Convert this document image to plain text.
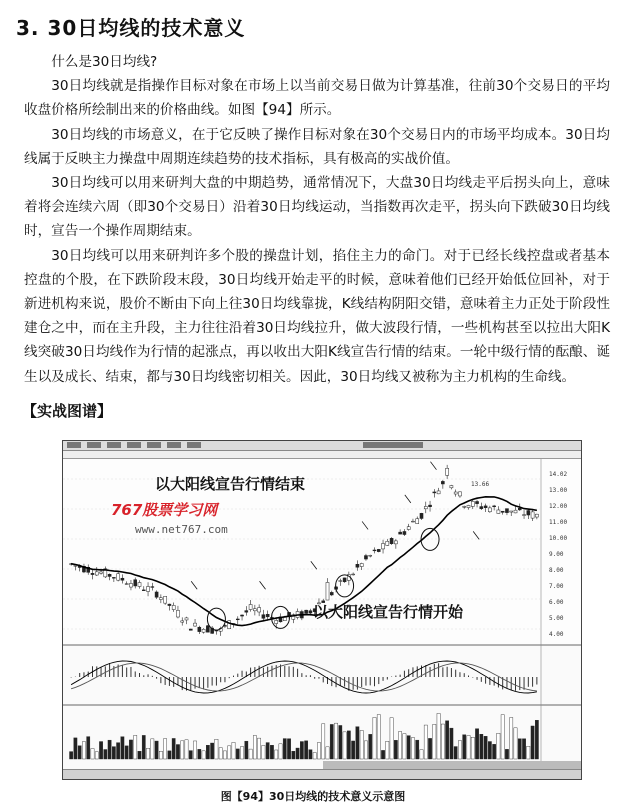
3. 30日均线的技术意义

什么是30日均线?

30日均线就是指操作目标对象在市场上以当前交易日做为计算基准，往前30个交易日的平均收盘价格所绘制出来的价格曲线。如图【94】所示。

30日均线的市场意义，在于它反映了操作目标对象在30个交易日内的市场平均成本。30日均线属于反映主力操盘中周期连续趋势的技术指标，具有极高的实战价值。

30日均线可以用来研判大盘的中期趋势，通常情况下，大盘30日均线走平后拐头向上，意味着将会连续六周（即30个交易日）沿着30日均线运动，当指数再次走平，拐头向下跌破30日均线时，宣告一个操作周期结束。

30日均线可以用来研判许多个股的操盘计划，掐住主力的命门。对于已经长线控盘或者基本控盘的个股，在下跌阶段末段，30日均线开始走平的时候，意味着他们已经开始低位回补，对于新进机构来说，股价不断由下向上往30日均线靠拢，K线结构阴阳交错，意味着主力正处于阶段性建仓之中，而在主升段，主力往往沿着30日均线拉升，做大波段行情，一些机构甚至以拉出大阳K线突破30日均线作为行情的起涨点，再以收出大阳K线宣告行情的结束。一轮中级行情的酝酿、诞生以及成长、结束，都与30日均线密切相关。因此，30日均线又被称为主力机构的生命线。

【实战图谱】
767股票学习网
www.net767.com
以大阳线宣告行情结束
以大阳线宣告行情开始
13.66
14.02
13.00
12.00
11.00
10.00
9.00
8.00
7.00
6.00
5.00
4.00
图【94】30日均线的技术意义示意图
